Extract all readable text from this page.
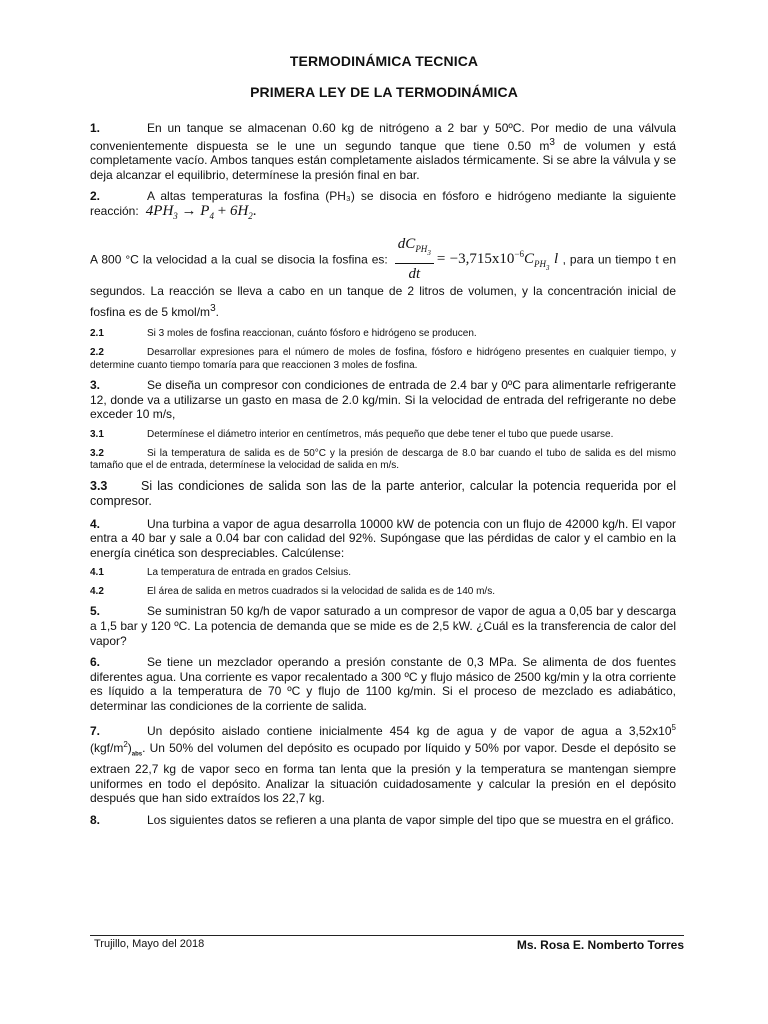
TERMODINÁMICA TECNICA
PRIMERA LEY DE LA TERMODINÁMICA

1.	En un tanque se almacenan 0.60 kg de nitrógeno a 2 bar y 50ºC. Por medio de una válvula convenientemente dispuesta se le une un segundo tanque que tiene 0.50 $m^3$ de volumen y está completamente vacío. Ambos tanques están completamente aislados térmicamente. Si se abre la válvula y se deja alcanzar el equilibrio, determínese la presión final en bar.

2.	A altas temperaturas la fosfina (PH₃) se disocia en fósforo e hidrógeno mediante la siguiente reacción: $4PH_3 \to P_4 + 6H_2$.

A 800 °C la velocidad a la cual se disocia la fosfina es: $\frac{dC_{PH_3}}{dt} = -3,715x10^{-6}C_{PH_3}$ l , para un tiempo t en segundos. La reacción se lleva a cabo en un tanque de 2 litros de volumen, y la concentración inicial de fosfina es de 5 kmol/$m^3$.

2.1	Si 3 moles de fosfina reaccionan, cuánto fósforo e hidrógeno se producen.

2.2	Desarrollar expresiones para el número de moles de fosfina, fósforo e hidrógeno presentes en cualquier tiempo, y determine cuanto tiempo tomaría para que reaccionen 3 moles de fosfina.

3.	Se diseña un compresor con condiciones de entrada de 2.4 bar y 0ºC para alimentarle refrigerante 12, donde va a utilizarse un gasto en masa de 2.0 kg/min. Si la velocidad de entrada del refrigerante no debe exceder 10 m/s,

3.1	Determínese el diámetro interior en centímetros, más pequeño que debe tener el tubo que puede usarse.

3.2	Si la temperatura de salida es de 50°C y la presión de descarga de 8.0 bar cuando el tubo de salida es del mismo tamaño que el de entrada, determínese la velocidad de salida en m/s.

3.3	Si las condiciones de salida son las de la parte anterior, calcular la potencia requerida por el compresor.

4.	Una turbina a vapor de agua desarrolla 10000 kW de potencia con un flujo de 42000 kg/h. El vapor entra a 40 bar y sale a 0.04 bar con calidad del 92%. Supóngase que las pérdidas de calor y el cambio en la energía cinética son despreciables. Calcúlense:

4.1	La temperatura de entrada en grados Celsius.

4.2	El área de salida en metros cuadrados si la velocidad de salida es de 140 m/s.

5.	Se suministran 50 kg/h de vapor saturado a un compresor de vapor de agua a 0,05 bar y descarga a 1,5 bar y 120 ºC. La potencia de demanda que se mide es de 2,5 kW. ¿Cuál es la transferencia de calor del vapor?

6.	Se tiene un mezclador operando a presión constante de 0,3 MPa. Se alimenta de dos fuentes diferentes agua. Una corriente es vapor recalentado a 300 ºC y flujo másico de 2500 kg/min y la otra corriente es líquido a la temperatura de 70 ºC y flujo de 1100 kg/min. Si el proceso de mezclado es adiabático, determinar las condiciones de la corriente de salida.

7.	Un depósito aislado contiene inicialmente 454 kg de agua y de vapor de agua a $3,52x10^5$ $(kgf/m^2)_{abs}$. Un 50% del volumen del depósito es ocupado por líquido y 50% por vapor. Desde el depósito se extraen 22,7 kg de vapor seco en forma tan lenta que la presión y la temperatura se mantengan siempre uniformes en todo el depósito. Analizar la situación cuidadosamente y calcular la presión en el depósito después que han sido extraídos los 22,7 kg.

8.	Los siguientes datos se refieren a una planta de vapor simple del tipo que se muestra en el gráfico.

Trujillo, Mayo del 2018	Ms. Rosa E. Nomberto Torres
